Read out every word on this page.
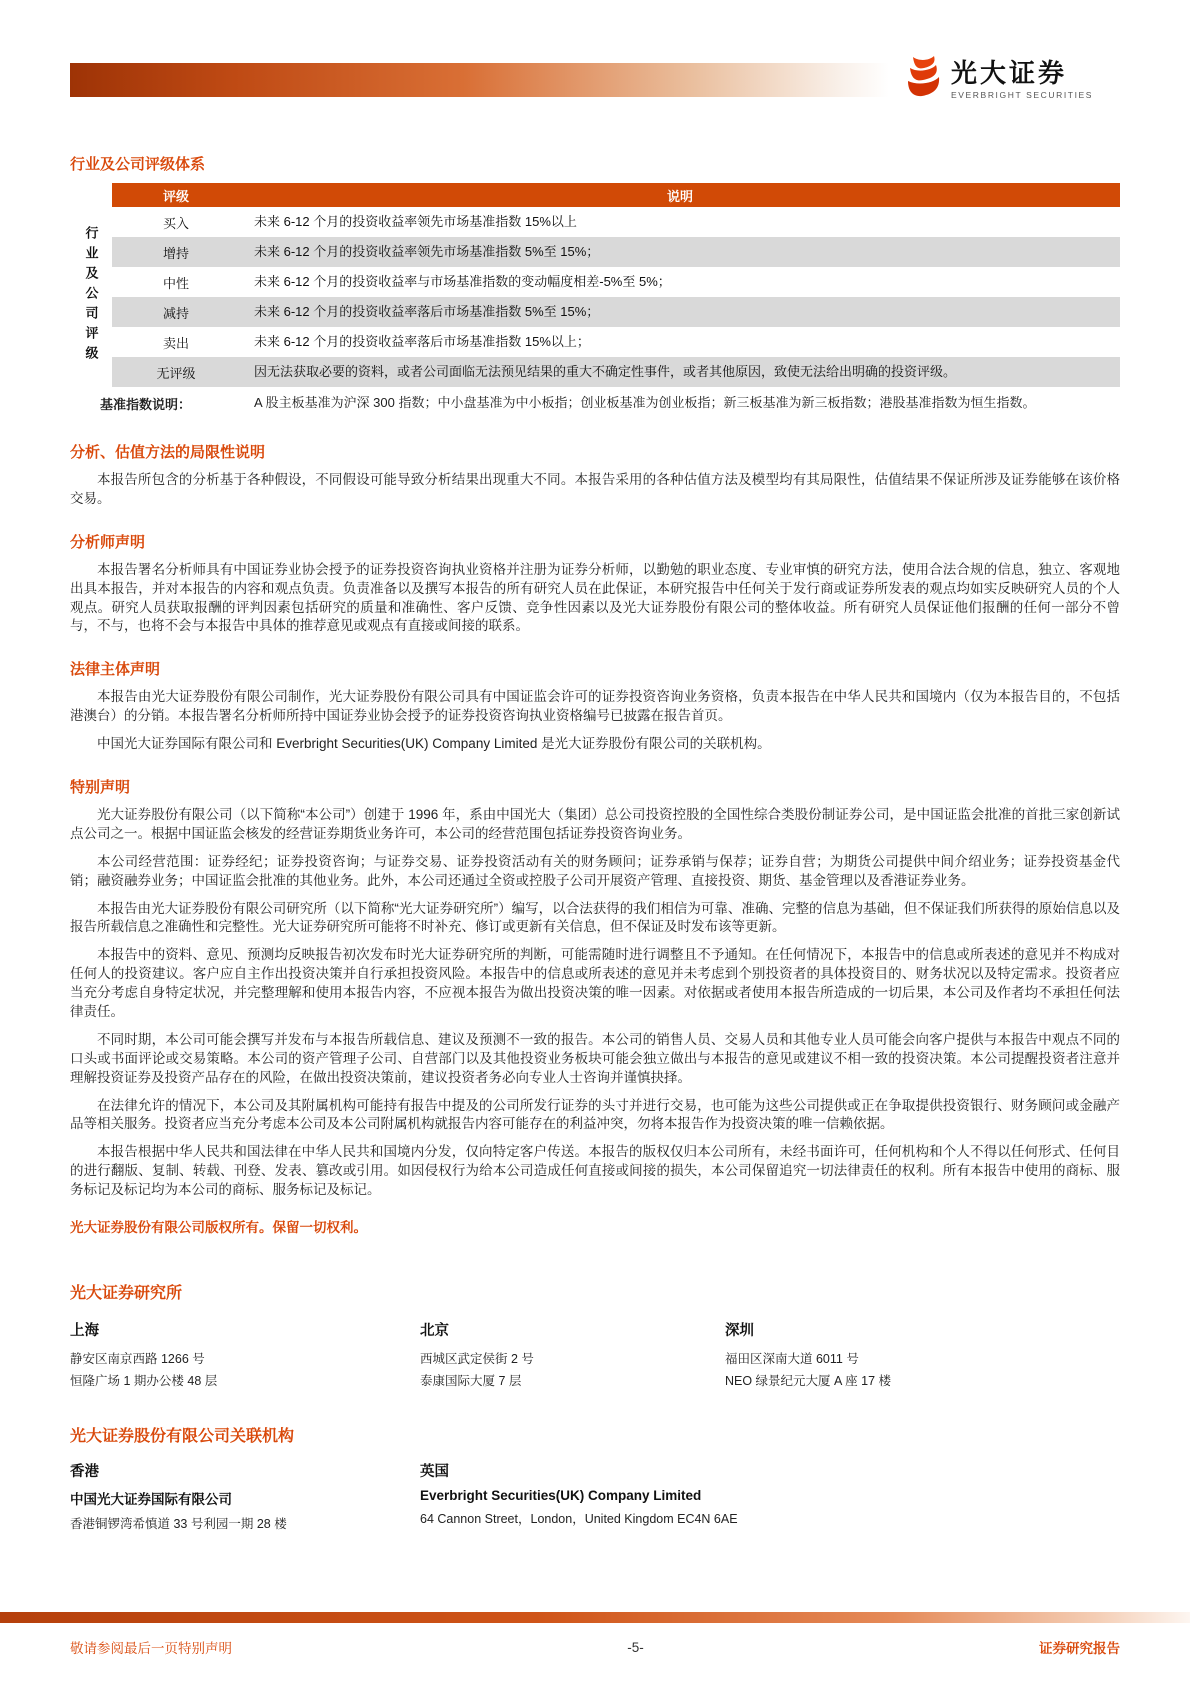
光大证券
EVERBRIGHT SECURITIES
行业及公司评级体系
	评级	说明
行业及公司评级	买入	未来 6-12 个月的投资收益率领先市场基准指数 15%以上
	增持	未来 6-12 个月的投资收益率领先市场基准指数 5%至 15%；
	中性	未来 6-12 个月的投资收益率与市场基准指数的变动幅度相差-5%至 5%；
	减持	未来 6-12 个月的投资收益率落后市场基准指数 5%至 15%；
	卖出	未来 6-12 个月的投资收益率落后市场基准指数 15%以上；
	无评级	因无法获取必要的资料，或者公司面临无法预见结果的重大不确定性事件，或者其他原因，致使无法给出明确的投资评级。
基准指数说明：		A 股主板基准为沪深 300 指数；中小盘基准为中小板指；创业板基准为创业板指；新三板基准为新三板指数；港股基准指数为恒生指数。
分析、估值方法的局限性说明

本报告所包含的分析基于各种假设，不同假设可能导致分析结果出现重大不同。本报告采用的各种估值方法及模型均有其局限性，估值结果不保证所涉及证券能够在该价格交易。

分析师声明

本报告署名分析师具有中国证券业协会授予的证券投资咨询执业资格并注册为证券分析师，以勤勉的职业态度、专业审慎的研究方法，使用合法合规的信息，独立、客观地出具本报告，并对本报告的内容和观点负责。负责准备以及撰写本报告的所有研究人员在此保证，本研究报告中任何关于发行商或证券所发表的观点均如实反映研究人员的个人观点。研究人员获取报酬的评判因素包括研究的质量和准确性、客户反馈、竞争性因素以及光大证券股份有限公司的整体收益。所有研究人员保证他们报酬的任何一部分不曾与，不与，也将不会与本报告中具体的推荐意见或观点有直接或间接的联系。

法律主体声明

本报告由光大证券股份有限公司制作，光大证券股份有限公司具有中国证监会许可的证券投资咨询业务资格，负责本报告在中华人民共和国境内（仅为本报告目的，不包括港澳台）的分销。本报告署名分析师所持中国证券业协会授予的证券投资咨询执业资格编号已披露在报告首页。

中国光大证券国际有限公司和 Everbright Securities(UK) Company Limited 是光大证券股份有限公司的关联机构。

特别声明

光大证券股份有限公司（以下简称“本公司”）创建于 1996 年，系由中国光大（集团）总公司投资控股的全国性综合类股份制证券公司，是中国证监会批准的首批三家创新试点公司之一。根据中国证监会核发的经营证券期货业务许可，本公司的经营范围包括证券投资咨询业务。

本公司经营范围：证券经纪；证券投资咨询；与证券交易、证券投资活动有关的财务顾问；证券承销与保荐；证券自营；为期货公司提供中间介绍业务；证券投资基金代销；融资融券业务；中国证监会批准的其他业务。此外，本公司还通过全资或控股子公司开展资产管理、直接投资、期货、基金管理以及香港证券业务。

本报告由光大证券股份有限公司研究所（以下简称“光大证券研究所”）编写，以合法获得的我们相信为可靠、准确、完整的信息为基础，但不保证我们所获得的原始信息以及报告所载信息之准确性和完整性。光大证券研究所可能将不时补充、修订或更新有关信息，但不保证及时发布该等更新。

本报告中的资料、意见、预测均反映报告初次发布时光大证券研究所的判断，可能需随时进行调整且不予通知。在任何情况下，本报告中的信息或所表述的意见并不构成对任何人的投资建议。客户应自主作出投资决策并自行承担投资风险。本报告中的信息或所表述的意见并未考虑到个别投资者的具体投资目的、财务状况以及特定需求。投资者应当充分考虑自身特定状况，并完整理解和使用本报告内容，不应视本报告为做出投资决策的唯一因素。对依据或者使用本报告所造成的一切后果，本公司及作者均不承担任何法律责任。

不同时期，本公司可能会撰写并发布与本报告所载信息、建议及预测不一致的报告。本公司的销售人员、交易人员和其他专业人员可能会向客户提供与本报告中观点不同的口头或书面评论或交易策略。本公司的资产管理子公司、自营部门以及其他投资业务板块可能会独立做出与本报告的意见或建议不相一致的投资决策。本公司提醒投资者注意并理解投资证券及投资产品存在的风险，在做出投资决策前，建议投资者务必向专业人士咨询并谨慎抉择。

在法律允许的情况下，本公司及其附属机构可能持有报告中提及的公司所发行证券的头寸并进行交易，也可能为这些公司提供或正在争取提供投资银行、财务顾问或金融产品等相关服务。投资者应当充分考虑本公司及本公司附属机构就报告内容可能存在的利益冲突，勿将本报告作为投资决策的唯一信赖依据。

本报告根据中华人民共和国法律在中华人民共和国境内分发，仅向特定客户传送。本报告的版权仅归本公司所有，未经书面许可，任何机构和个人不得以任何形式、任何目的进行翻版、复制、转载、刊登、发表、篡改或引用。如因侵权行为给本公司造成任何直接或间接的损失，本公司保留追究一切法律责任的权利。所有本报告中使用的商标、服务标记及标记均为本公司的商标、服务标记及标记。

光大证券股份有限公司版权所有。保留一切权利。
光大证券研究所
上海
静安区南京西路 1266 号
恒隆广场 1 期办公楼 48 层
北京
西城区武定侯街 2 号
泰康国际大厦 7 层
深圳
福田区深南大道 6011 号
NEO 绿景纪元大厦 A 座 17 楼
光大证券股份有限公司关联机构
香港
中国光大证券国际有限公司
香港铜锣湾希慎道 33 号利园一期 28 楼
英国
Everbright Securities(UK) Company Limited
64 Cannon Street，London，United Kingdom EC4N 6AE
敬请参阅最后一页特别声明	-5-	证券研究报告
